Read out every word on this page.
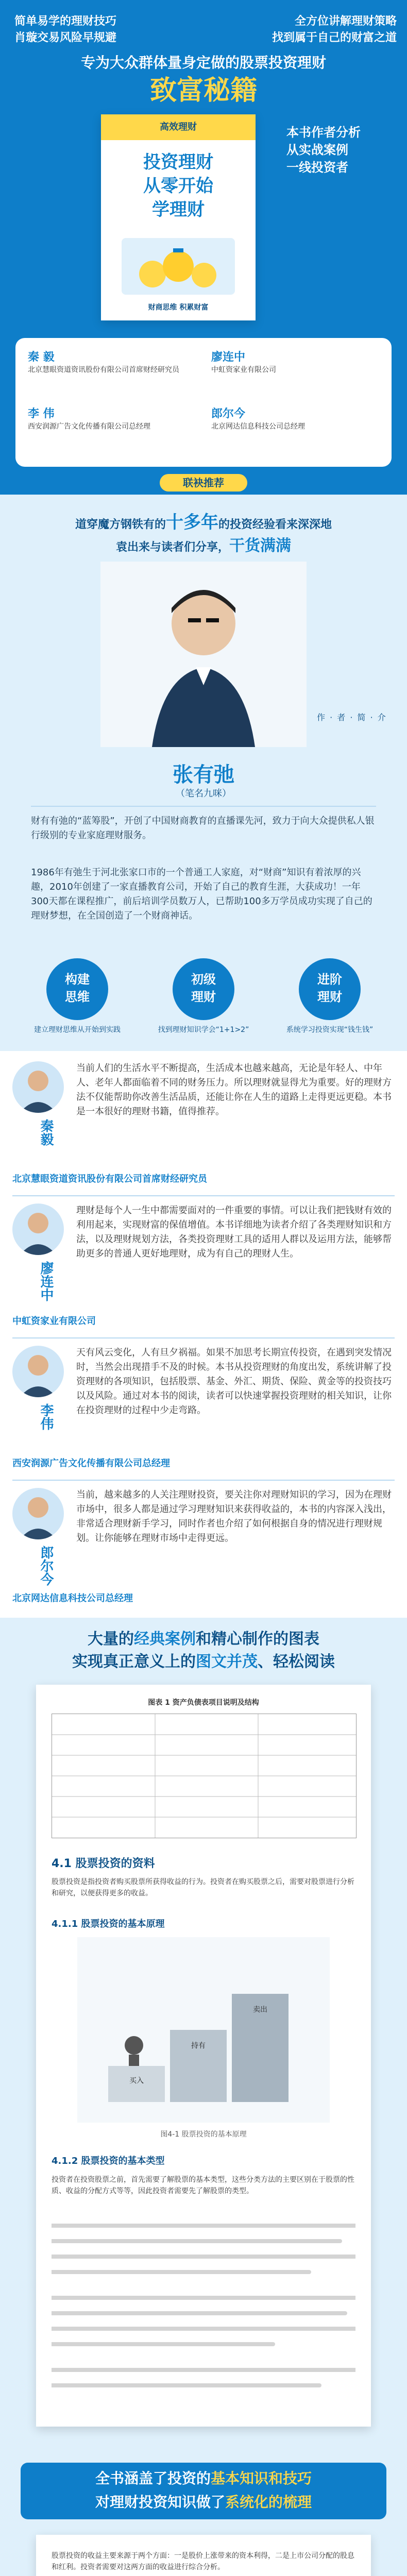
简单易学的理财技巧
肖璇交易风险早规避
全方位讲解理财策略
找到属于自己的财富之道
专为大众群体量身定做的股票投资理财
致富秘籍
高效理财
投资理财
从零开始
学理财
财商思维 积累财富
本书作者分析
从实战案例
一线投资者
秦 毅
北京慧眼资道资讯股份有限公司首席财经研究员
廖连中
中虹资家业有限公司
李 伟
西安润源广告文化传播有限公司总经理
郎尔今
北京网达信息科技公司总经理
联袂推荐
道穿魔方钢铁有的十多年的投资经验看来深深地
袁出来与读者们分享，干货满满
作 · 者 · 简 · 介
张有弛
（笔名九咪）
财有有弛的“蓝筹股”，开创了中国财商教育的直播课先河，致力于向大众提供私人银行级别的专业家庭理财服务。
1986年有弛生于河北张家口市的一个普通工人家庭，对“财商”知识有着浓厚的兴趣，2010年创建了一家直播教育公司，开始了自己的教育生涯，大获成功！一年300天都在课程推广，前后培训学员数万人，已帮助100多万学员成功实现了自己的理财梦想，在全国创造了一个财商神话。
构建
思维
建立理财思维从开始到实践
初级
理财
找到理财知识学会“1+1>2”
进阶
理财
系统学习投资实现“钱生钱”
秦毅
当前人们的生活水平不断提高，生活成本也越来越高，无论是年轻人、中年人、老年人都面临着不同的财务压力。所以理财就显得尤为重要。好的理财方法不仅能帮助你改善生活品质，还能让你在人生的道路上走得更远更稳。本书是一本很好的理财书籍，值得推荐。
北京慧眼资道资讯股份有限公司首席财经研究员
廖连中
理财是每个人一生中都需要面对的一件重要的事情。可以让我们把钱财有效的利用起来，实现财富的保值增值。本书详细地为读者介绍了各类理财知识和方法，以及理财规划方法，各类投资理财工具的适用人群以及运用方法，能够帮助更多的普通人更好地理财，成为有自己的理财人生。
中虹资家业有限公司
李伟
天有风云变化，人有旦夕祸福。如果不加思考长期宣传投资，在遇到突发情况时，当然会出现措手不及的时候。本书从投资理财的角度出发，系统讲解了投资理财的各项知识，包括股票、基金、外汇、期货、保险、黄金等的投资技巧以及风险。通过对本书的阅读，读者可以快速掌握投资理财的相关知识，让你在投资理财的过程中少走弯路。
西安润源广告文化传播有限公司总经理
郎尔今
当前，越来越多的人关注理财投资，要关注你对理财知识的学习，因为在理财市场中，很多人都是通过学习理财知识来获得收益的，本书的内容深入浅出，非常适合理财新手学习，同时作者也介绍了如何根据自身的情况进行理财规划。让你能够在理财市场中走得更远。
北京网达信息科技公司总经理
大量的经典案例和精心制作的图表
实现真正意义上的图文并茂、轻松阅读
图表 1 资产负债表项目说明及结构
4.1 股票投资的资料
股票投资是指投资者购买股票所获得收益的行为。投资者在购买股票之后，需要对股票进行分析和研究，以便获得更多的收益。
4.1.1 股票投资的基本原理
买入
持有
卖出
图4-1 股票投资的基本原理
4.1.2 股票投资的基本类型
投资者在投资股票之前，首先需要了解股票的基本类型，这些分类方法的主要区别在于股票的性质、收益的分配方式等等，因此投资者需要先了解股票的类型。
全书涵盖了投资的基本知识和技巧
对理财投资知识做了系统化的梳理
股票投资的收益主要来源于两个方面：一是股价上涨带来的资本利得，二是上市公司分配的股息和红利。投资者需要对这两方面的收益进行综合分析。
